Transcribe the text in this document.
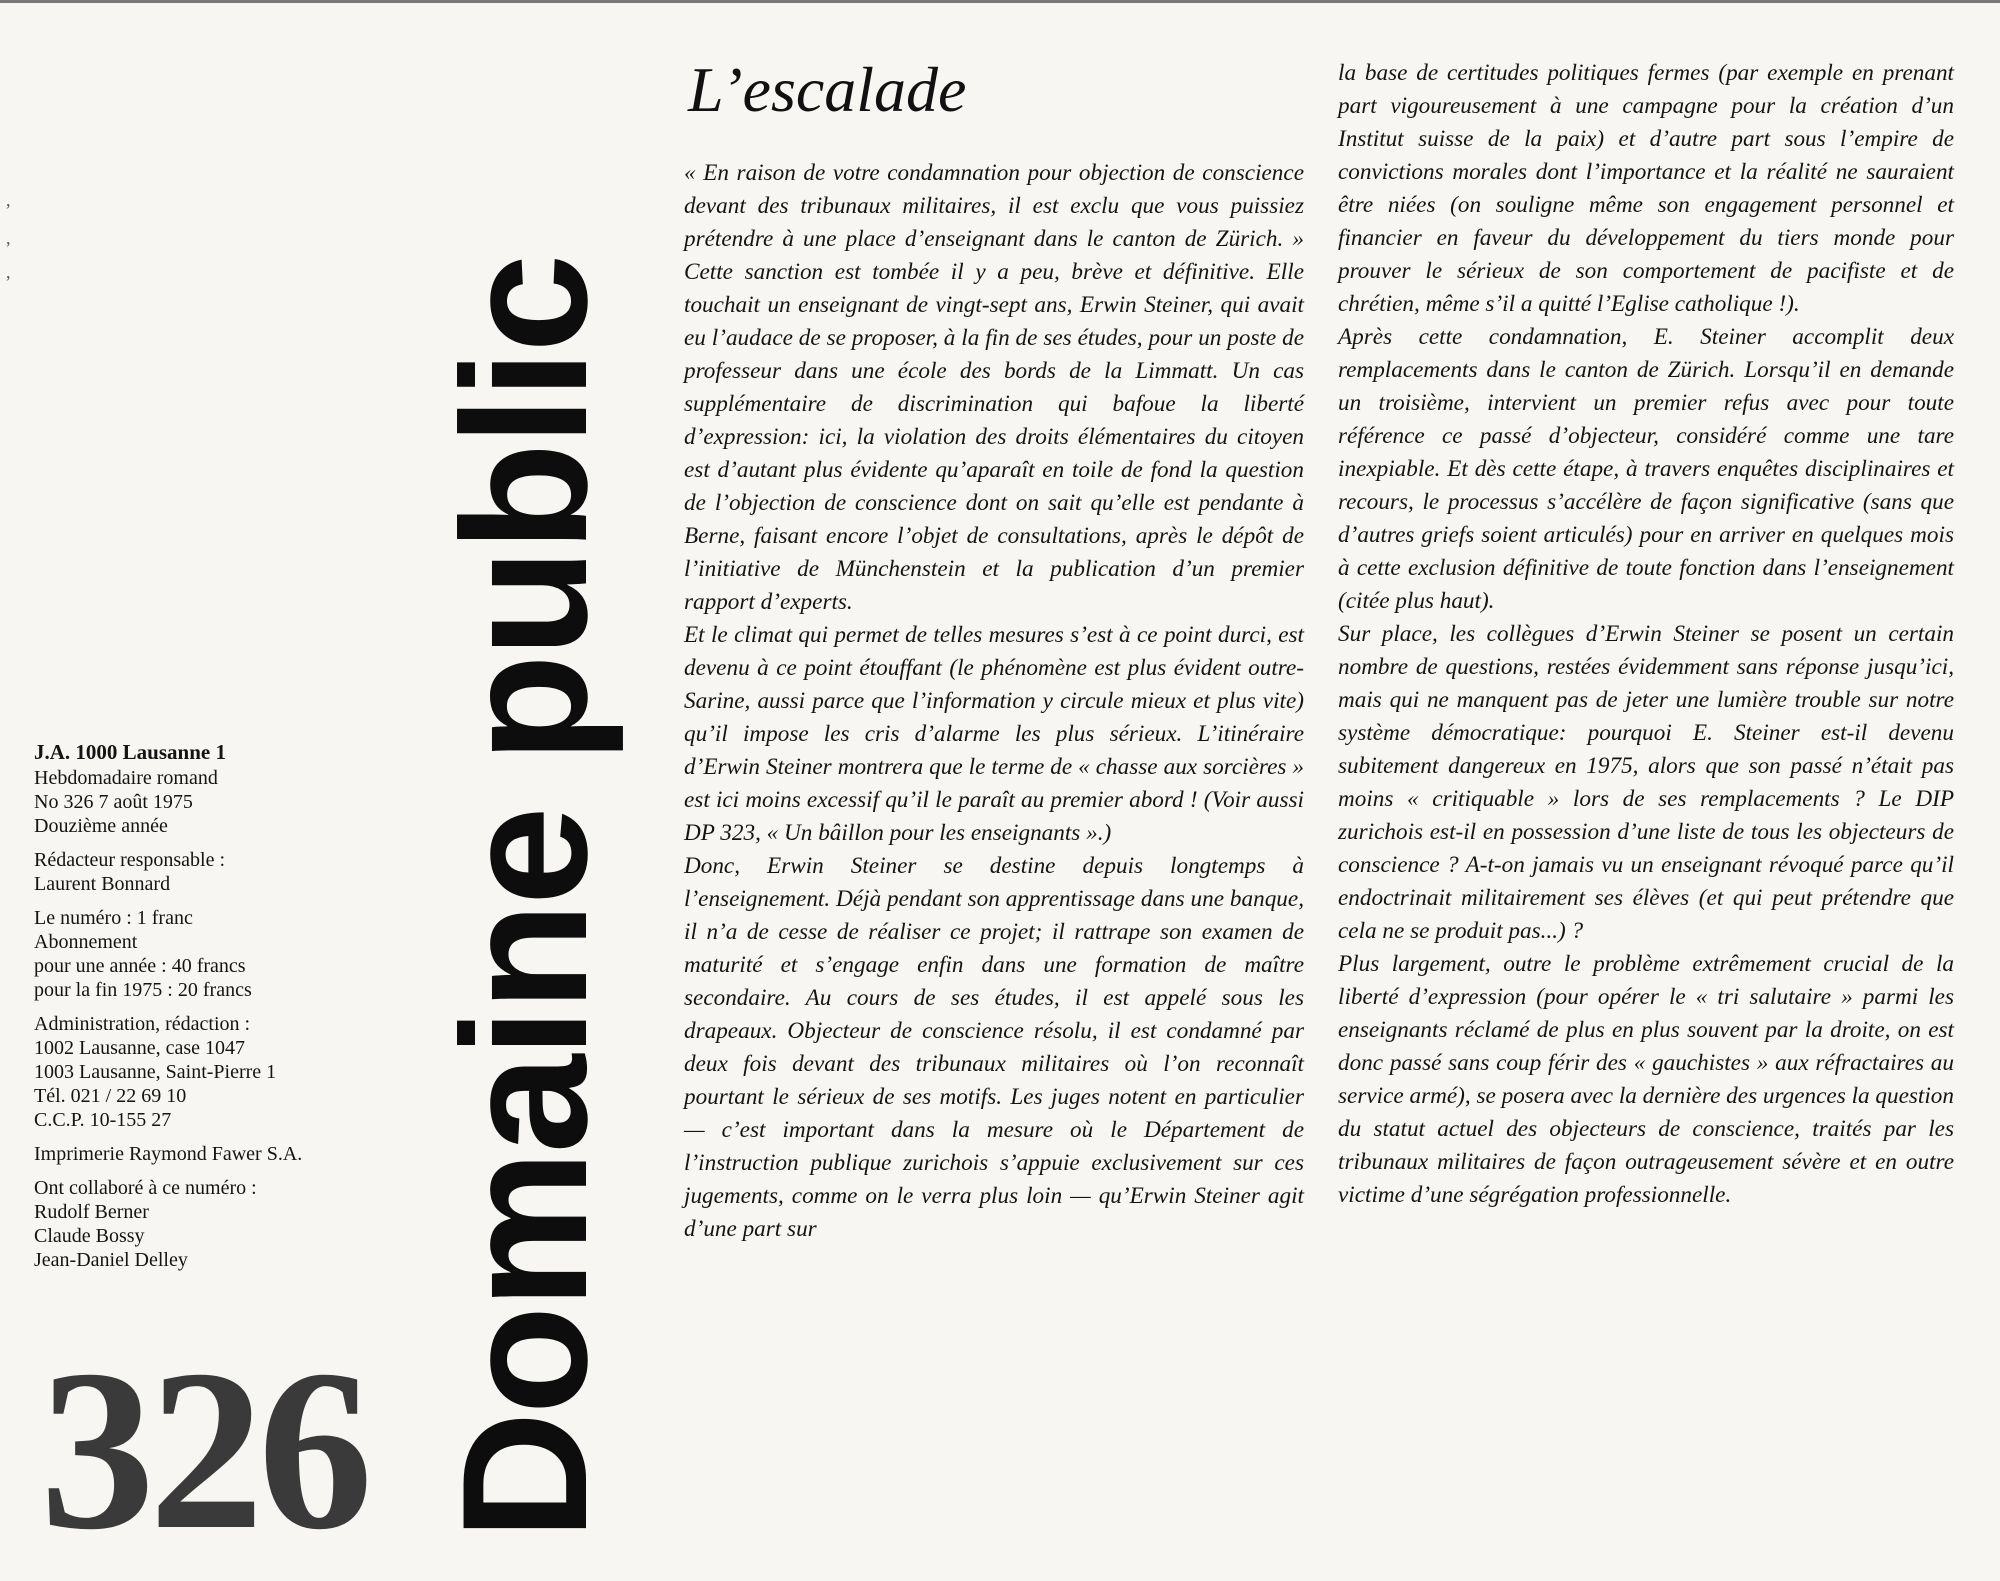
,
,
, Domaine public
J.A. 1000 Lausanne 1
Hebdomadaire romand
No 326 7 août 1975
Douzième année
Rédacteur responsable :
Laurent Bonnard
Le numéro : 1 franc
Abonnement
pour une année : 40 francs
pour la fin 1975 : 20 francs
Administration, rédaction :
1002 Lausanne, case 1047
1003 Lausanne, Saint-Pierre 1
Tél. 021 / 22 69 10
C.C.P. 10-155 27
Imprimerie Raymond Fawer S.A.
Ont collaboré à ce numéro :
Rudolf Berner
Claude Bossy
Jean-Daniel Delley
326
L’escalade

« En raison de votre condamnation pour objection de conscience devant des tribunaux militaires, il est exclu que vous puissiez prétendre à une place d’enseignant dans le canton de Zürich. » Cette sanction est tombée il y a peu, brève et définitive. Elle touchait un enseignant de vingt-sept ans, Erwin Steiner, qui avait eu l’audace de se proposer, à la fin de ses études, pour un poste de professeur dans une école des bords de la Limmatt. Un cas supplémentaire de discrimination qui bafoue la liberté d’expression: ici, la violation des droits élémentaires du citoyen est d’autant plus évidente qu’aparaît en toile de fond la question de l’objection de conscience dont on sait qu’elle est pendante à Berne, faisant encore l’objet de consultations, après le dépôt de l’initiative de Münchenstein et la publication d’un premier rapport d’experts.

Et le climat qui permet de telles mesures s’est à ce point durci, est devenu à ce point étouffant (le phénomène est plus évident outre-Sarine, aussi parce que l’information y circule mieux et plus vite) qu’il impose les cris d’alarme les plus sérieux. L’itinéraire d’Erwin Steiner montrera que le terme de « chasse aux sorcières » est ici moins excessif qu’il le paraît au premier abord ! (Voir aussi DP 323, « Un bâillon pour les enseignants ».)

Donc, Erwin Steiner se destine depuis longtemps à l’enseignement. Déjà pendant son apprentissage dans une banque, il n’a de cesse de réaliser ce projet; il rattrape son examen de maturité et s’engage enfin dans une formation de maître secondaire. Au cours de ses études, il est appelé sous les drapeaux. Objecteur de conscience résolu, il est condamné par deux fois devant des tribunaux militaires où l’on reconnaît pourtant le sérieux de ses motifs. Les juges notent en particulier — c’est important dans la mesure où le Département de l’instruction publique zurichois s’appuie exclusivement sur ces jugements, comme on le verra plus loin — qu’Erwin Steiner agit d’une part sur

la base de certitudes politiques fermes (par exemple en prenant part vigoureusement à une campagne pour la création d’un Institut suisse de la paix) et d’autre part sous l’empire de convictions morales dont l’importance et la réalité ne sauraient être niées (on souligne même son engagement personnel et financier en faveur du développement du tiers monde pour prouver le sérieux de son comportement de pacifiste et de chrétien, même s’il a quitté l’Eglise catholique !).

Après cette condamnation, E. Steiner accomplit deux remplacements dans le canton de Zürich. Lorsqu’il en demande un troisième, intervient un premier refus avec pour toute référence ce passé d’objecteur, considéré comme une tare inexpiable. Et dès cette étape, à travers enquêtes disciplinaires et recours, le processus s’accélère de façon significative (sans que d’autres griefs soient articulés) pour en arriver en quelques mois à cette exclusion définitive de toute fonction dans l’enseignement (citée plus haut).

Sur place, les collègues d’Erwin Steiner se posent un certain nombre de questions, restées évidemment sans réponse jusqu’ici, mais qui ne manquent pas de jeter une lumière trouble sur notre système démocratique: pourquoi E. Steiner est-il devenu subitement dangereux en 1975, alors que son passé n’était pas moins « critiquable » lors de ses remplacements ? Le DIP zurichois est-il en possession d’une liste de tous les objecteurs de conscience ? A-t-on jamais vu un enseignant révoqué parce qu’il endoctrinait militairement ses élèves (et qui peut prétendre que cela ne se produit pas...) ?

Plus largement, outre le problème extrêmement crucial de la liberté d’expression (pour opérer le « tri salutaire » parmi les enseignants réclamé de plus en plus souvent par la droite, on est donc passé sans coup férir des « gauchistes » aux réfractaires au service armé), se posera avec la dernière des urgences la question du statut actuel des objecteurs de conscience, traités par les tribunaux militaires de façon outrageusement sévère et en outre victime d’une ségrégation professionnelle.
